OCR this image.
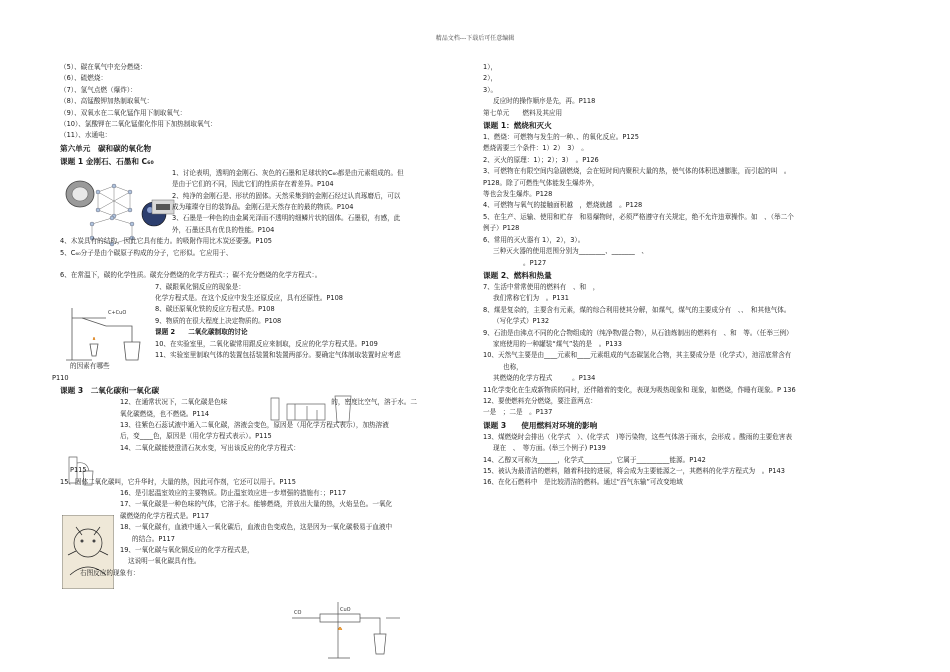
精品文档---下载后可任意编辑
C+CuO
CO	CuO
（5）、碳在氧气中充分燃烧：
（6）、硫燃烧：
（7）、氢气点燃（爆炸）：
（8）、高锰酸钾加热制取氧气：
（9）、双氧水在二氧化锰作用下制取氧气：
（10）、氯酸钾在二氧化锰催化作用下加热制取氧气：
（11）、水通电：
第六单元　碳和碳的氧化物
课题 1 金刚石、石墨和 C₆₀
1、讨论表明，透明的金刚石、灰色的石墨和足球状的C₆₀都是由元素组成的。但
是由于它们的不同，因此它们的性质存在着差异。P104
2、纯净的金刚石是、形状的固体。天然采集到的金刚石经过认真琢磨后，可以
成为璀璨夺目的装饰品。金刚石是天然存在的最的物质。P104
3、石墨是一种色的由金属光泽而不透明的细鳞片状的固体。石墨很，有感，此
外，石墨还具有优良的性能。P104
4、木炭具有的结构，因此它具有能力。的吸附作用比木炭还要强。P105
5、C₆₀分子是由个碳原子构成的分子，它形似。它应用于、
6、在常温下，碳的化学性质。碳充分燃烧的化学方程式：；碳不充分燃烧的化学方程式：。
7、碳跟氧化铜反应的现象是：
化学方程式是。在这个反应中发生还原反应，具有还原性。P108
8、碳还原氧化铁的反应方程式是。P108
9、物质的在很大程度上决定物质的。P108
课题 2　　二氧化碳制取的讨论
10、在实验室里，二氧化碳常用跟反应来制取，反应的化学方程式是。P109
11、实验室里制取气体的装置包括装置和装置两部分。要确定气体制取装置时应考虑
的因素有哪些
P110
课题 3　二氧化碳和一氧化碳
12、在通常状况下，二氧化碳是色味	的，密度比空气，溶于水。二
氧化碳燃烧，也不燃烧。P114
13、往紫色石蕊试液中通入二氧化碳，溶液会变色，原因是（用化学方程式表示），加热溶液
后，变____色，原因是（用化学方程式表示）。P115
14、二氧化碳能使澄清石灰水变，写出该反应的化学方程式：
P115
15、固体二氧化碳叫，它升华时，大量的热，因此可作剂，它还可以用于。P115
16、是引起温室效应的主要物质。防止温室效应进一步增强的措施有：；P117
17、一氧化碳是一种色味的气体，它溶于水。能够燃烧，并放出大量的热，火焰呈色。一氧化
碳燃烧的化学方程式是。P117
18、一氧化碳有，血液中通入一氧化碳后，血液由色变成色，这是因为一氧化碳极易于血液中
的结合。P117
19、一氧化碳与氧化铜反应的化学方程式是，
这说明一氧化碳具有性。
右图反应的现象有：
1），
2），
3）。
反应时的操作顺序是先，再。P118
第七单元　　燃料及其应用
课题 1：燃烧和灭火
1、燃烧：可燃物与发生的一种、、的氧化反应。P125
燃烧需要三个条件：1）2）　3）　。
2、灭火的原理：1）；2）；3）　。P126
3、可燃物在有限空间内急剧燃烧，会在短时间内聚积大量的热，使气体的体积迅速膨胀，而引起的叫　。
P128。除了可燃性气体能发生爆炸外，
等也会发生爆炸。P128
4、可燃物与氧气的接触面积越　，燃烧就越　。P128
5、在生产、运输、使用和贮存　和易爆物时，必须严格遵守有关规定，绝不允许违章操作。如　、（举二个
例子）P128
6、常用的灭火器有 1），2），3）。
三种灭火器的使用范围分别为________、_______　、
。P127
课题 2、燃料和热量
7、生活中常常使用的燃料有　、和　，
我们常称它们为　。P131
8、煤是复杂的，主要含有元素，煤的综合利用使其分解，如煤气，煤气的主要成分有　、、　和其他气体。
（写化学式）P132
9、石油是由沸点不同的化合物组成的（纯净物/混合物），从石油炼制出的燃料有　、和　等。（任举三例）
家庭使用的一种罐装“煤气”装的是　。P133
10、天然气主要是由____元素和____元素组成的气态碳氢化合物，其主要成分是（化学式），池沼底常含有
也称，
其燃烧的化学方程式　　　。P134
11化学变化在生成新物质的同时，还伴随着的变化，表现为吸热现象和 现象，如燃烧，作睡有现象。P 136
12、要使燃料充分燃烧，要注意两点：
一是　；二是　。P137
课题 3　　使用燃料对环境的影响
13、煤燃烧时会排出（化学式　）、(化学式　)等污染物，这些气体溶于雨水，会形成 。酸雨的主要危害表
现在　、　等方面。(举三个例子) P139
14、乙醇又可称为______，化学式________，它属于__________能源。P142
15、被认为最清洁的燃料，随着科技的进展，将会成为主要能源之一，其燃料的化学方程式为　。P143
16、在化石燃料中　是比较清洁的燃料。通过“西气东输”可改变地域
